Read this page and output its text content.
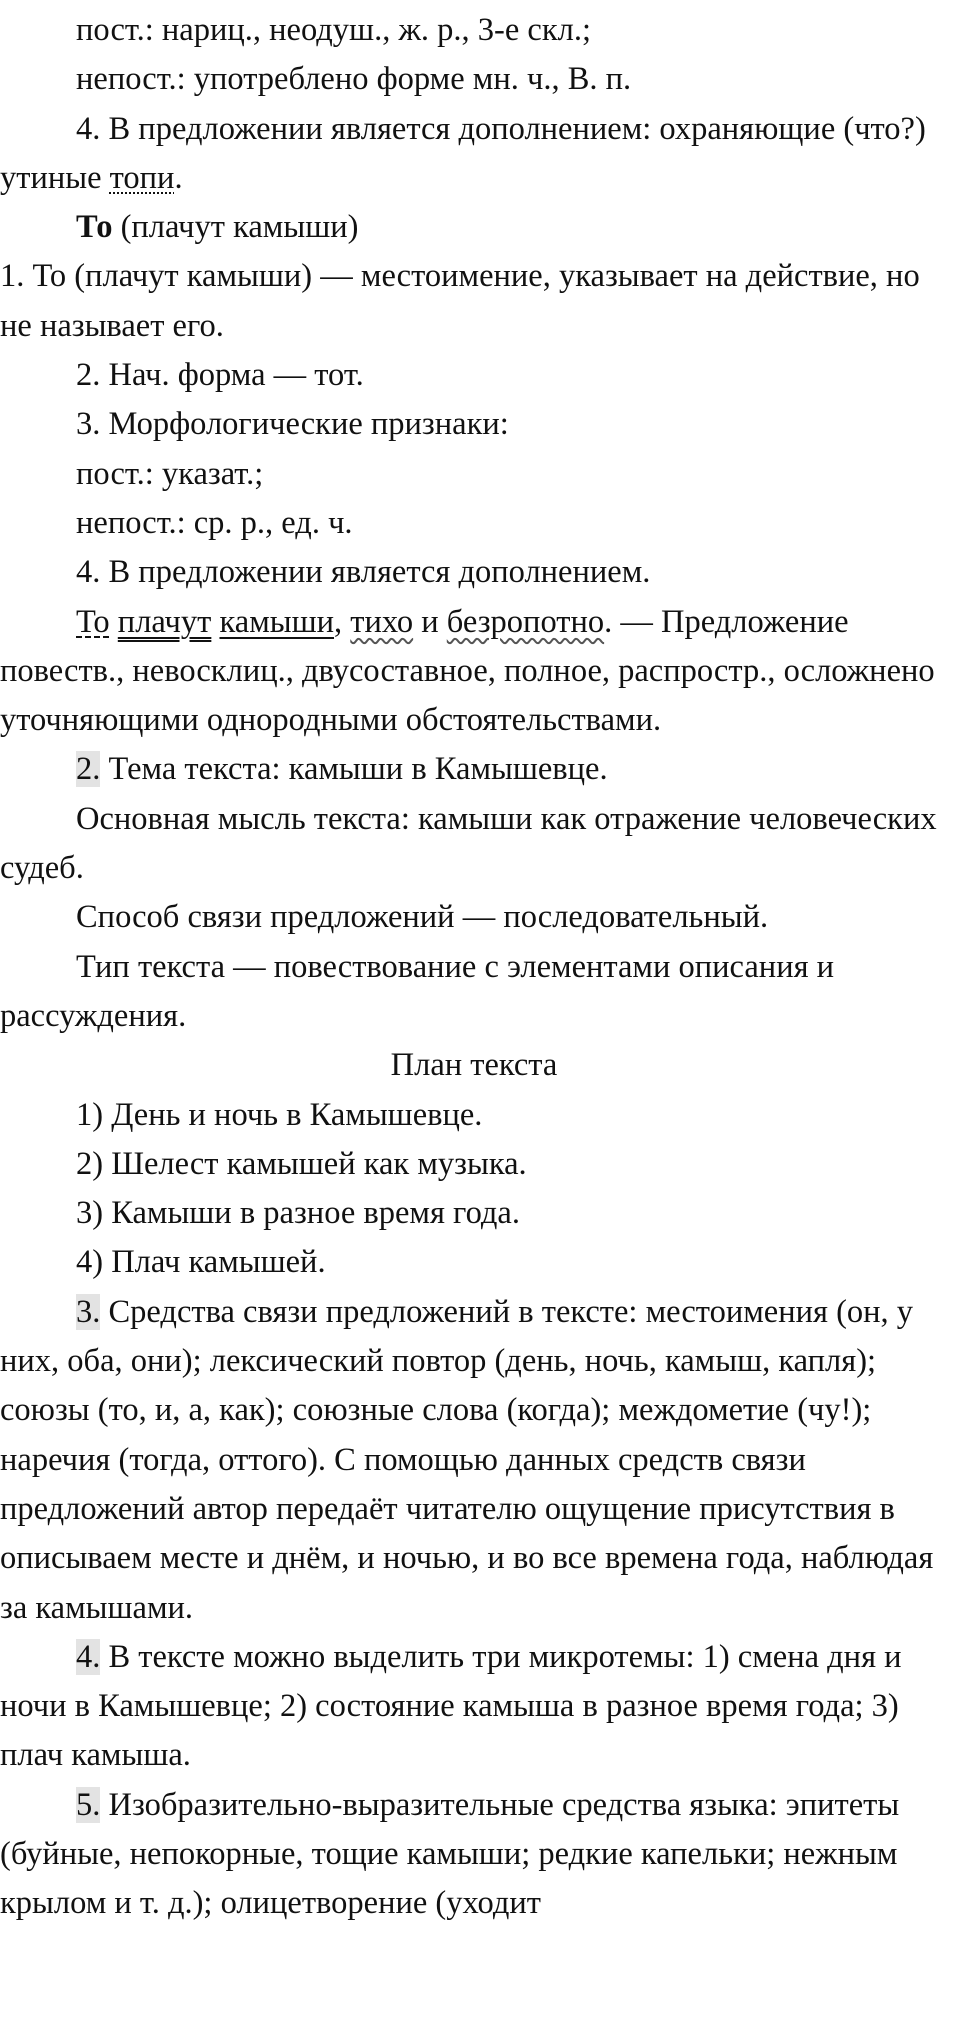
пост.: нариц., неодуш., ж. р., 3-е скл.;

непост.: употреблено форме мн. ч., В. п.

4. В предложении является дополнением: охраняющие (что?) утиные топи.

То (плачут камыши)

1. То (плачут камыши) — местоимение, указывает на действие, но не называет его.

2. Нач. форма — тот.

3. Морфологические признаки:

пост.: указат.;

непост.: ср. р., ед. ч.

4. В предложении является дополнением.

То плачут камыши, тихо и безропотно. — Предложение повеств., невосклиц., двусоставное, полное, распростр., осложнено уточняющими однородными обстоятельствами.

2. Тема текста: камыши в Камышевце.

Основная мысль текста: камыши как отражение человеческих судеб.

Способ связи предложений — последовательный.

Тип текста — повествование с элементами описания и рассуждения.

План текста

1) День и ночь в Камышевце.

2) Шелест камышей как музыка.

3) Камыши в разное время года.

4) Плач камышей.

3. Средства связи предложений в тексте: местоимения (он, у них, оба, они); лексический повтор (день, ночь, камыш, капля); союзы (то, и, а, как); союзные слова (когда); междометие (чу!); наречия (тогда, оттого). С помощью данных средств связи предложений автор передаёт читателю ощущение присутствия в описываем месте и днём, и ночью, и во все времена года, наблюдая за камышами.

4. В тексте можно выделить три микротемы: 1) смена дня и ночи в Камышевце; 2) состояние камыша в разное время года; 3) плач камыша.

5. Изобразительно-выразительные средства языка: эпитеты (буйные, непокорные, тощие камыши; редкие капельки; нежным крылом и т. д.); олицетворение (уходит
